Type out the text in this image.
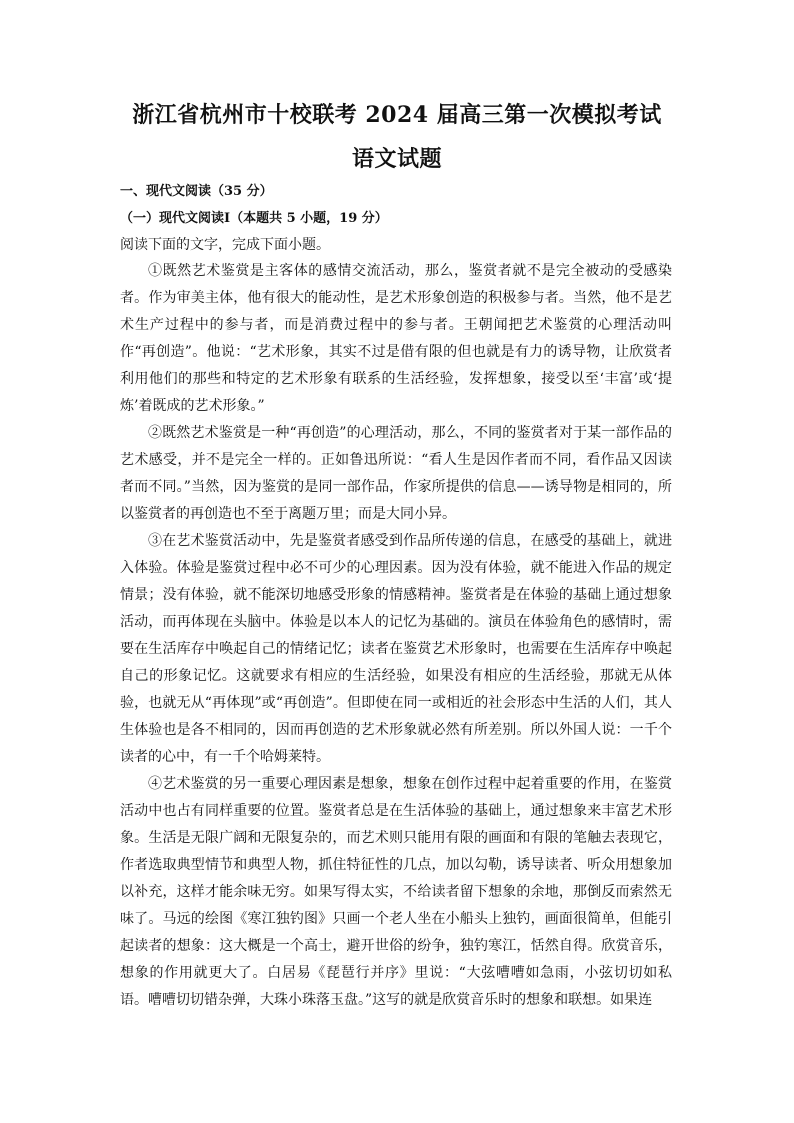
浙江省杭州市十校联考 2024 届高三第一次模拟考试
语文试题
一、现代文阅读（35 分）
（一）现代文阅读Ⅰ（本题共 5 小题，19 分）
阅读下面的文字，完成下面小题。

①既然艺术鉴赏是主客体的感情交流活动，那么，鉴赏者就不是完全被动的受感染者。作为审美主体，他有很大的能动性，是艺术形象创造的积极参与者。当然，他不是艺术生产过程中的参与者，而是消费过程中的参与者。王朝闻把艺术鉴赏的心理活动叫作“再创造”。他说：“艺术形象，其实不过是借有限的但也就是有力的诱导物，让欣赏者利用他们的那些和特定的艺术形象有联系的生活经验，发挥想象，接受以至‘丰富’或‘提炼’着既成的艺术形象。”

②既然艺术鉴赏是一种“再创造”的心理活动，那么，不同的鉴赏者对于某一部作品的艺术感受，并不是完全一样的。正如鲁迅所说：“看人生是因作者而不同，看作品又因读者而不同。”当然，因为鉴赏的是同一部作品，作家所提供的信息——诱导物是相同的，所以鉴赏者的再创造也不至于离题万里；而是大同小异。

③在艺术鉴赏活动中，先是鉴赏者感受到作品所传递的信息，在感受的基础上，就进入体验。体验是鉴赏过程中必不可少的心理因素。因为没有体验，就不能进入作品的规定情景；没有体验，就不能深切地感受形象的情感精神。鉴赏者是在体验的基础上通过想象活动，而再体现在头脑中。体验是以本人的记忆为基础的。演员在体验角色的感情时，需要在生活库存中唤起自己的情绪记忆；读者在鉴赏艺术形象时，也需要在生活库存中唤起自己的形象记忆。这就要求有相应的生活经验，如果没有相应的生活经验，那就无从体验，也就无从“再体现”或“再创造”。但即使在同一或相近的社会形态中生活的人们，其人生体验也是各不相同的，因而再创造的艺术形象就必然有所差别。所以外国人说：一千个读者的心中，有一千个哈姆莱特。

④艺术鉴赏的另一重要心理因素是想象，想象在创作过程中起着重要的作用，在鉴赏活动中也占有同样重要的位置。鉴赏者总是在生活体验的基础上，通过想象来丰富艺术形象。生活是无限广阔和无限复杂的，而艺术则只能用有限的画面和有限的笔触去表现它，作者选取典型情节和典型人物，抓住特征性的几点，加以勾勒，诱导读者、听众用想象加以补充，这样才能余味无穷。如果写得太实，不给读者留下想象的余地，那倒反而索然无味了。马远的绘图《寒江独钓图》只画一个老人坐在小船头上独钓，画面很简单，但能引起读者的想象：这大概是一个高士，避开世俗的纷争，独钓寒江，恬然自得。欣赏音乐，想象的作用就更大了。白居易《琵琶行并序》里说：“大弦嘈嘈如急雨，小弦切切如私语。嘈嘈切切错杂弹，大珠小珠落玉盘。”这写的就是欣赏音乐时的想象和联想。如果连
